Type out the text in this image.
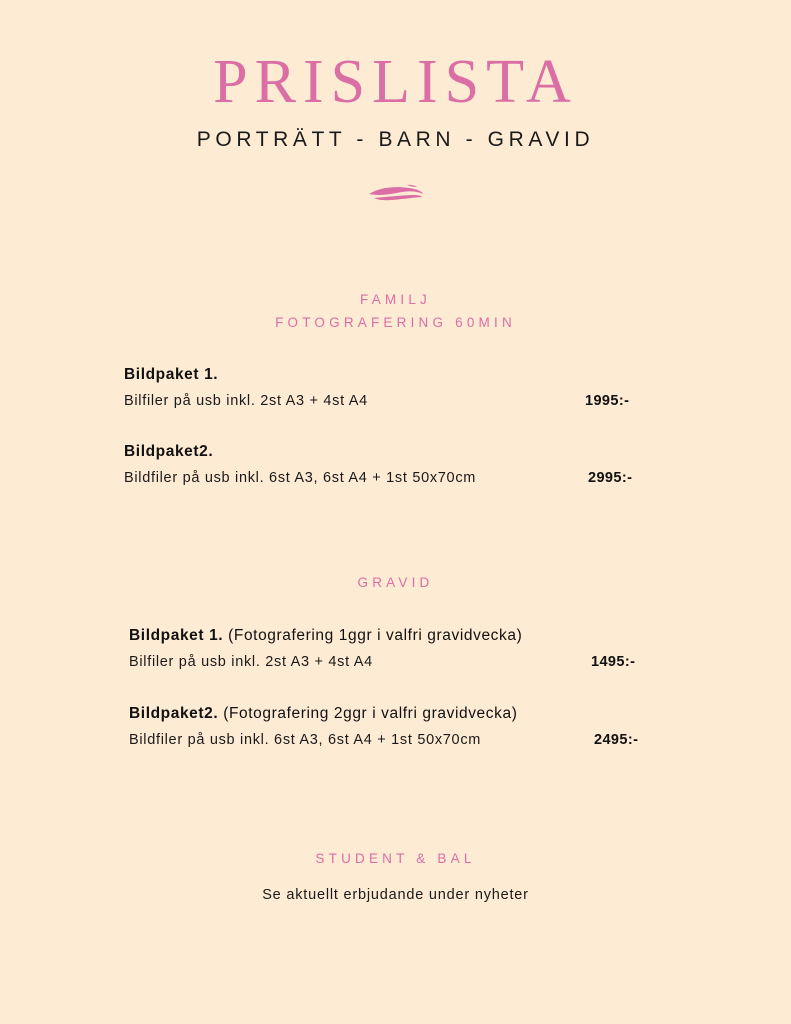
PRISLISTA
PORTRÄTT - BARN - GRAVID
FAMILJ
FOTOGRAFERING 60MIN
Bildpaket 1.
Bilfiler på usb inkl. 2st A3 + 4st A4	1995:-
Bildpaket2.
Bildfiler på usb inkl. 6st A3, 6st A4 + 1st 50x70cm	2995:-
GRAVID
Bildpaket 1. (Fotografering 1ggr i valfri gravidvecka)
Bilfiler på usb inkl. 2st A3 + 4st A4	1495:-
Bildpaket2. (Fotografering 2ggr i valfri gravidvecka)
Bildfiler på usb inkl. 6st A3, 6st A4 + 1st 50x70cm	2495:-
STUDENT & BAL
Se aktuellt erbjudande under nyheter
